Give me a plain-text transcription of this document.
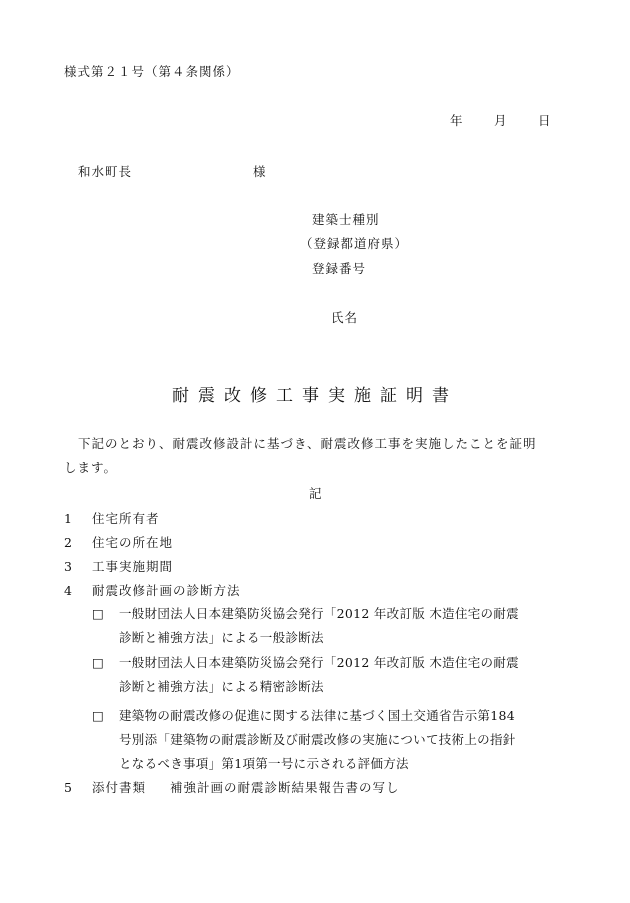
様式第２１号（第４条関係）
年	月	日
和水町長	様
建築士種別
（登録都道府県）
登録番号
氏名
耐震改修工事実施証明書
下記のとおり、耐震改修設計に基づき、耐震改修工事を実施したことを証明
します。
記
1 住宅所有者
2 住宅の所在地
3 工事実施期間
4 耐震改修計画の診断方法
□	一般財団法人日本建築防災協会発行「2012 年改訂版 木造住宅の耐震
診断と補強方法」による一般診断法
□	一般財団法人日本建築防災協会発行「2012 年改訂版 木造住宅の耐震
診断と補強方法」による精密診断法
□	建築物の耐震改修の促進に関する法律に基づく国土交通省告示第184
号別添「建築物の耐震診断及び耐震改修の実施について技術上の指針
となるべき事項」第1項第一号に示される評価方法
5 添付書類 補強計画の耐震診断結果報告書の写し
